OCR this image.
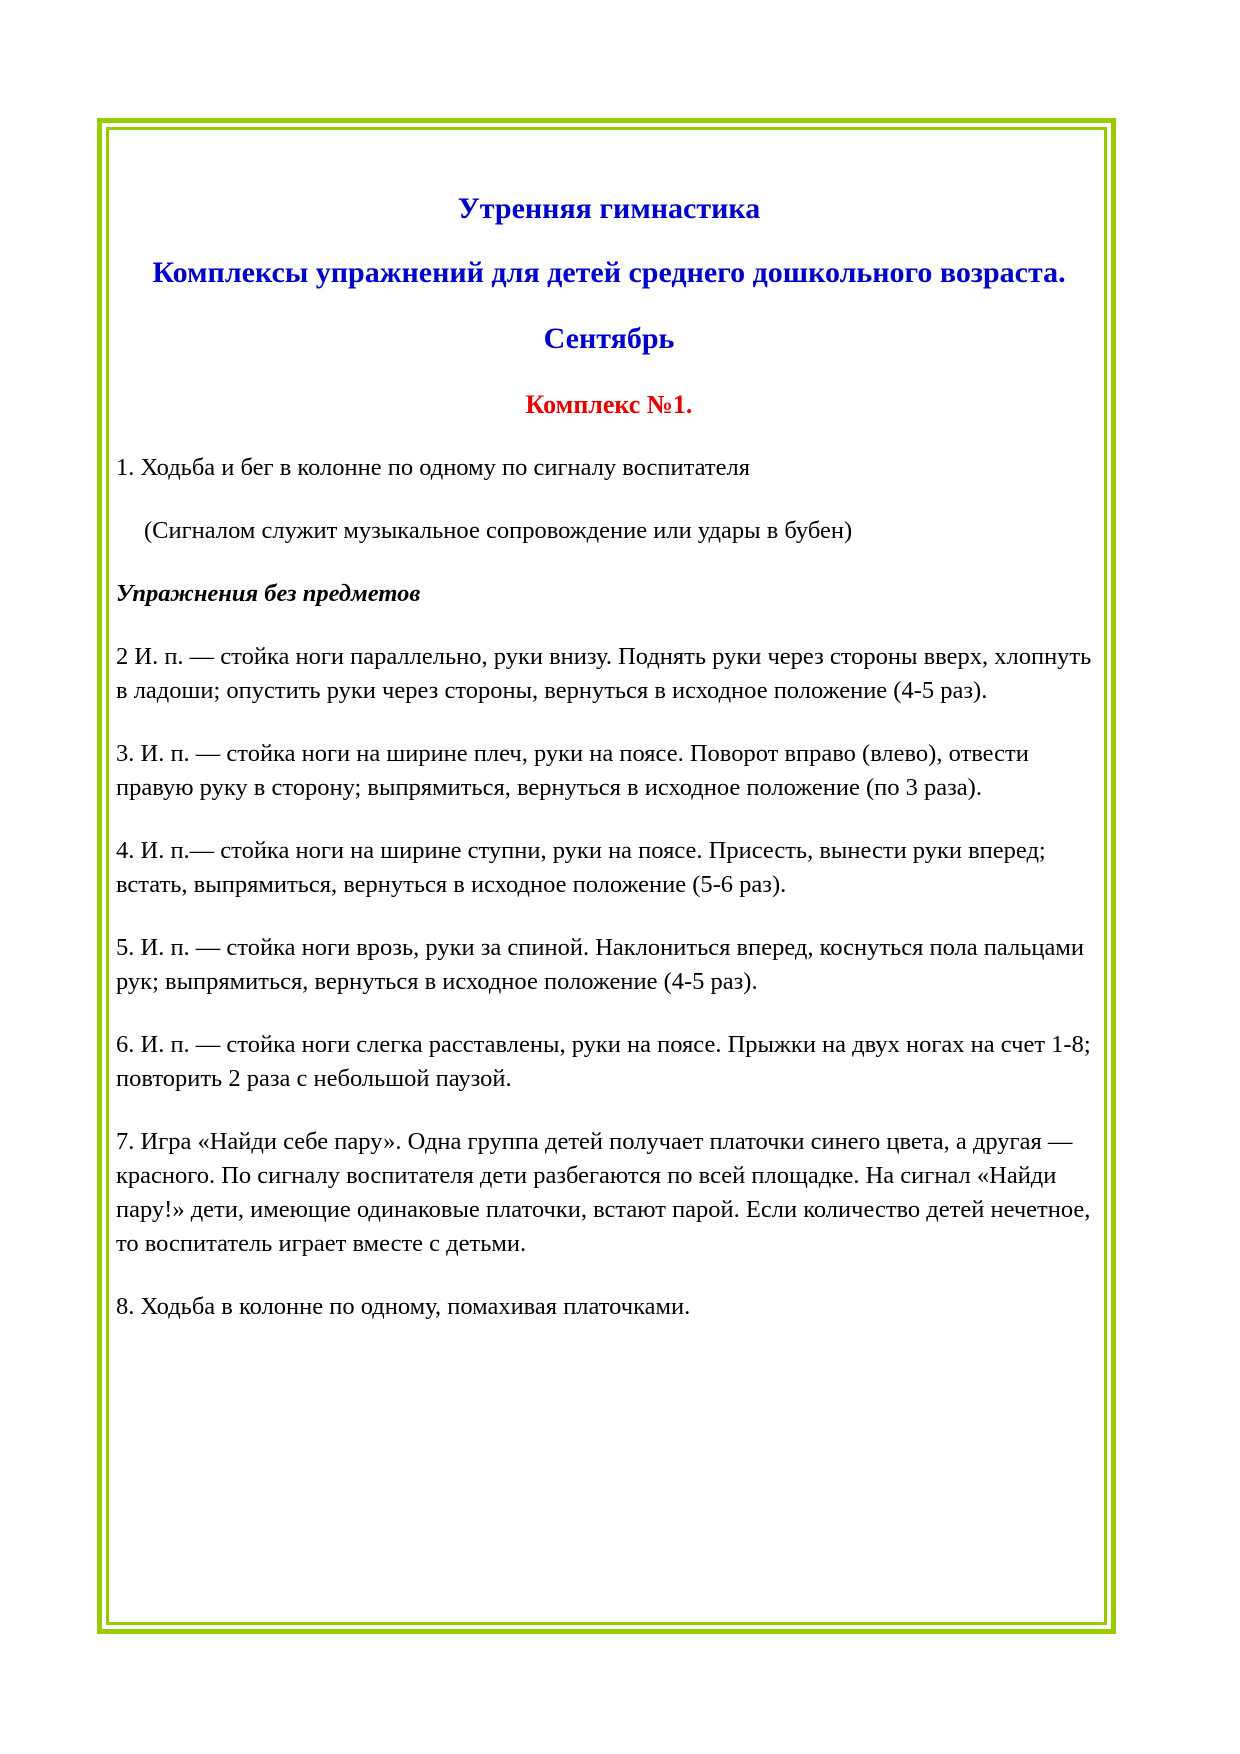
Утренняя гимнастика
Комплексы упражнений для детей среднего дошкольного возраста.
Сентябрь
Комплекс №1.

1. Ходьба и бег в колонне по одному по сигналу воспитателя

(Сигналом служит музыкальное сопровождение или удары в бубен)

Упражнения без предметов

2 И. п. — стойка ноги параллельно, руки внизу. Поднять руки через стороны вверх, хлопнуть в ладоши; опустить руки через стороны, вернуться в исходное положение (4-5 раз).

3. И. п. — стойка ноги на ширине плеч, руки на поясе. Поворот вправо (влево), отвести правую руку в сторону; выпрямиться, вернуться в исходное положение (по 3 раза).

4. И. п.— стойка ноги на ширине ступни, руки на поясе. Присесть, вынести руки вперед; встать, выпрямиться, вернуться в исходное положение (5-6 раз).

5. И. п. — стойка ноги врозь, руки за спиной. Наклониться вперед, коснуться пола пальцами рук; выпрямиться, вернуться в исходное положение (4-5 раз).

6. И. п. — стойка ноги слегка расставлены, руки на поясе. Прыжки на двух ногах на счет 1-8; повторить 2 раза с небольшой паузой.

7. Игра «Найди себе пару». Одна группа детей получает платочки синего цвета, а другая — красного. По сигналу воспитателя дети разбегаются по всей площадке. На сигнал «Найди пару!» дети, имеющие одинаковые платочки, встают парой. Если количество детей нечетное, то воспитатель играет вместе с детьми.

8. Ходьба в колонне по одному, помахивая платочками.
